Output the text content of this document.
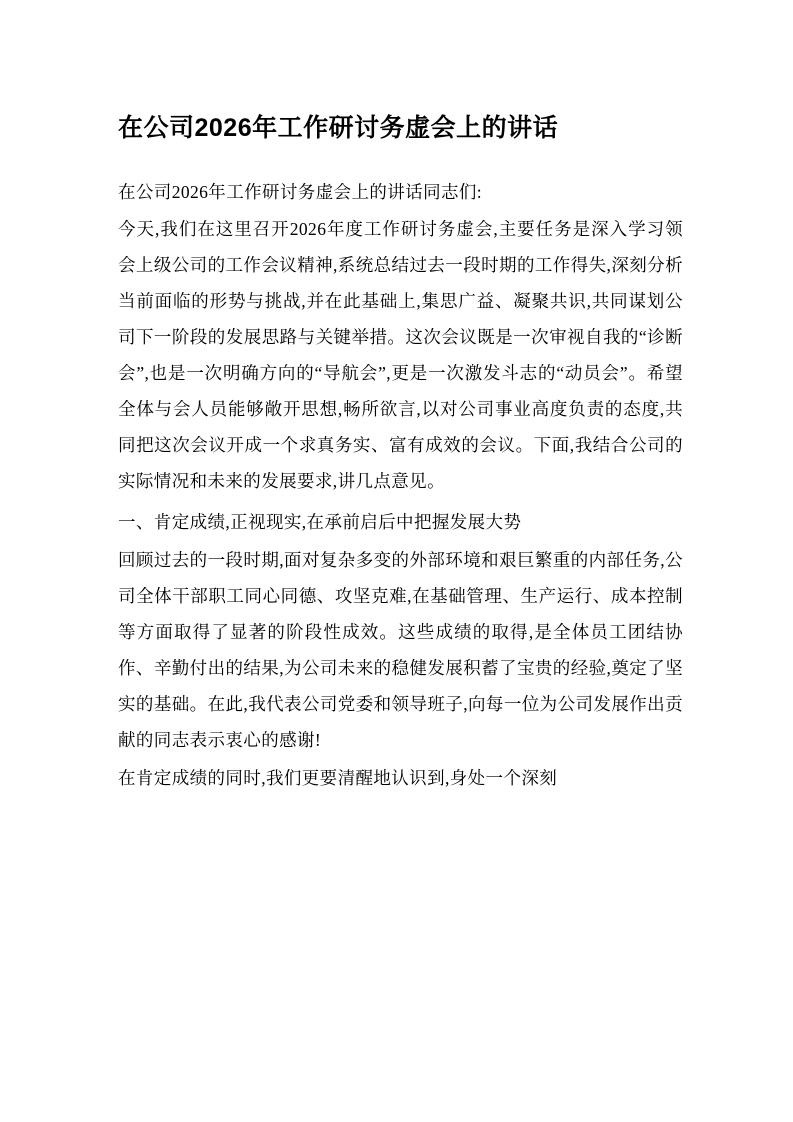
在公司2026年工作研讨务虚会上的讲话

在公司2026年工作研讨务虚会上的讲话同志们:

今天,我们在这里召开2026年度工作研讨务虚会,主要任务是深入学习领会上级公司的工作会议精神,系统总结过去一段时期的工作得失,深刻分析当前面临的形势与挑战,并在此基础上,集思广益、凝聚共识,共同谋划公司下一阶段的发展思路与关键举措。这次会议既是一次审视自我的“诊断会”,也是一次明确方向的“导航会”,更是一次激发斗志的“动员会”。希望全体与会人员能够敞开思想,畅所欲言,以对公司事业高度负责的态度,共同把这次会议开成一个求真务实、富有成效的会议。下面,我结合公司的实际情况和未来的发展要求,讲几点意见。

一、肯定成绩,正视现实,在承前启后中把握发展大势

回顾过去的一段时期,面对复杂多变的外部环境和艰巨繁重的内部任务,公司全体干部职工同心同德、攻坚克难,在基础管理、生产运行、成本控制等方面取得了显著的阶段性成效。这些成绩的取得,是全体员工团结协作、辛勤付出的结果,为公司未来的稳健发展积蓄了宝贵的经验,奠定了坚实的基础。在此,我代表公司党委和领导班子,向每一位为公司发展作出贡献的同志表示衷心的感谢!

在肯定成绩的同时,我们更要清醒地认识到,身处一个深刻
